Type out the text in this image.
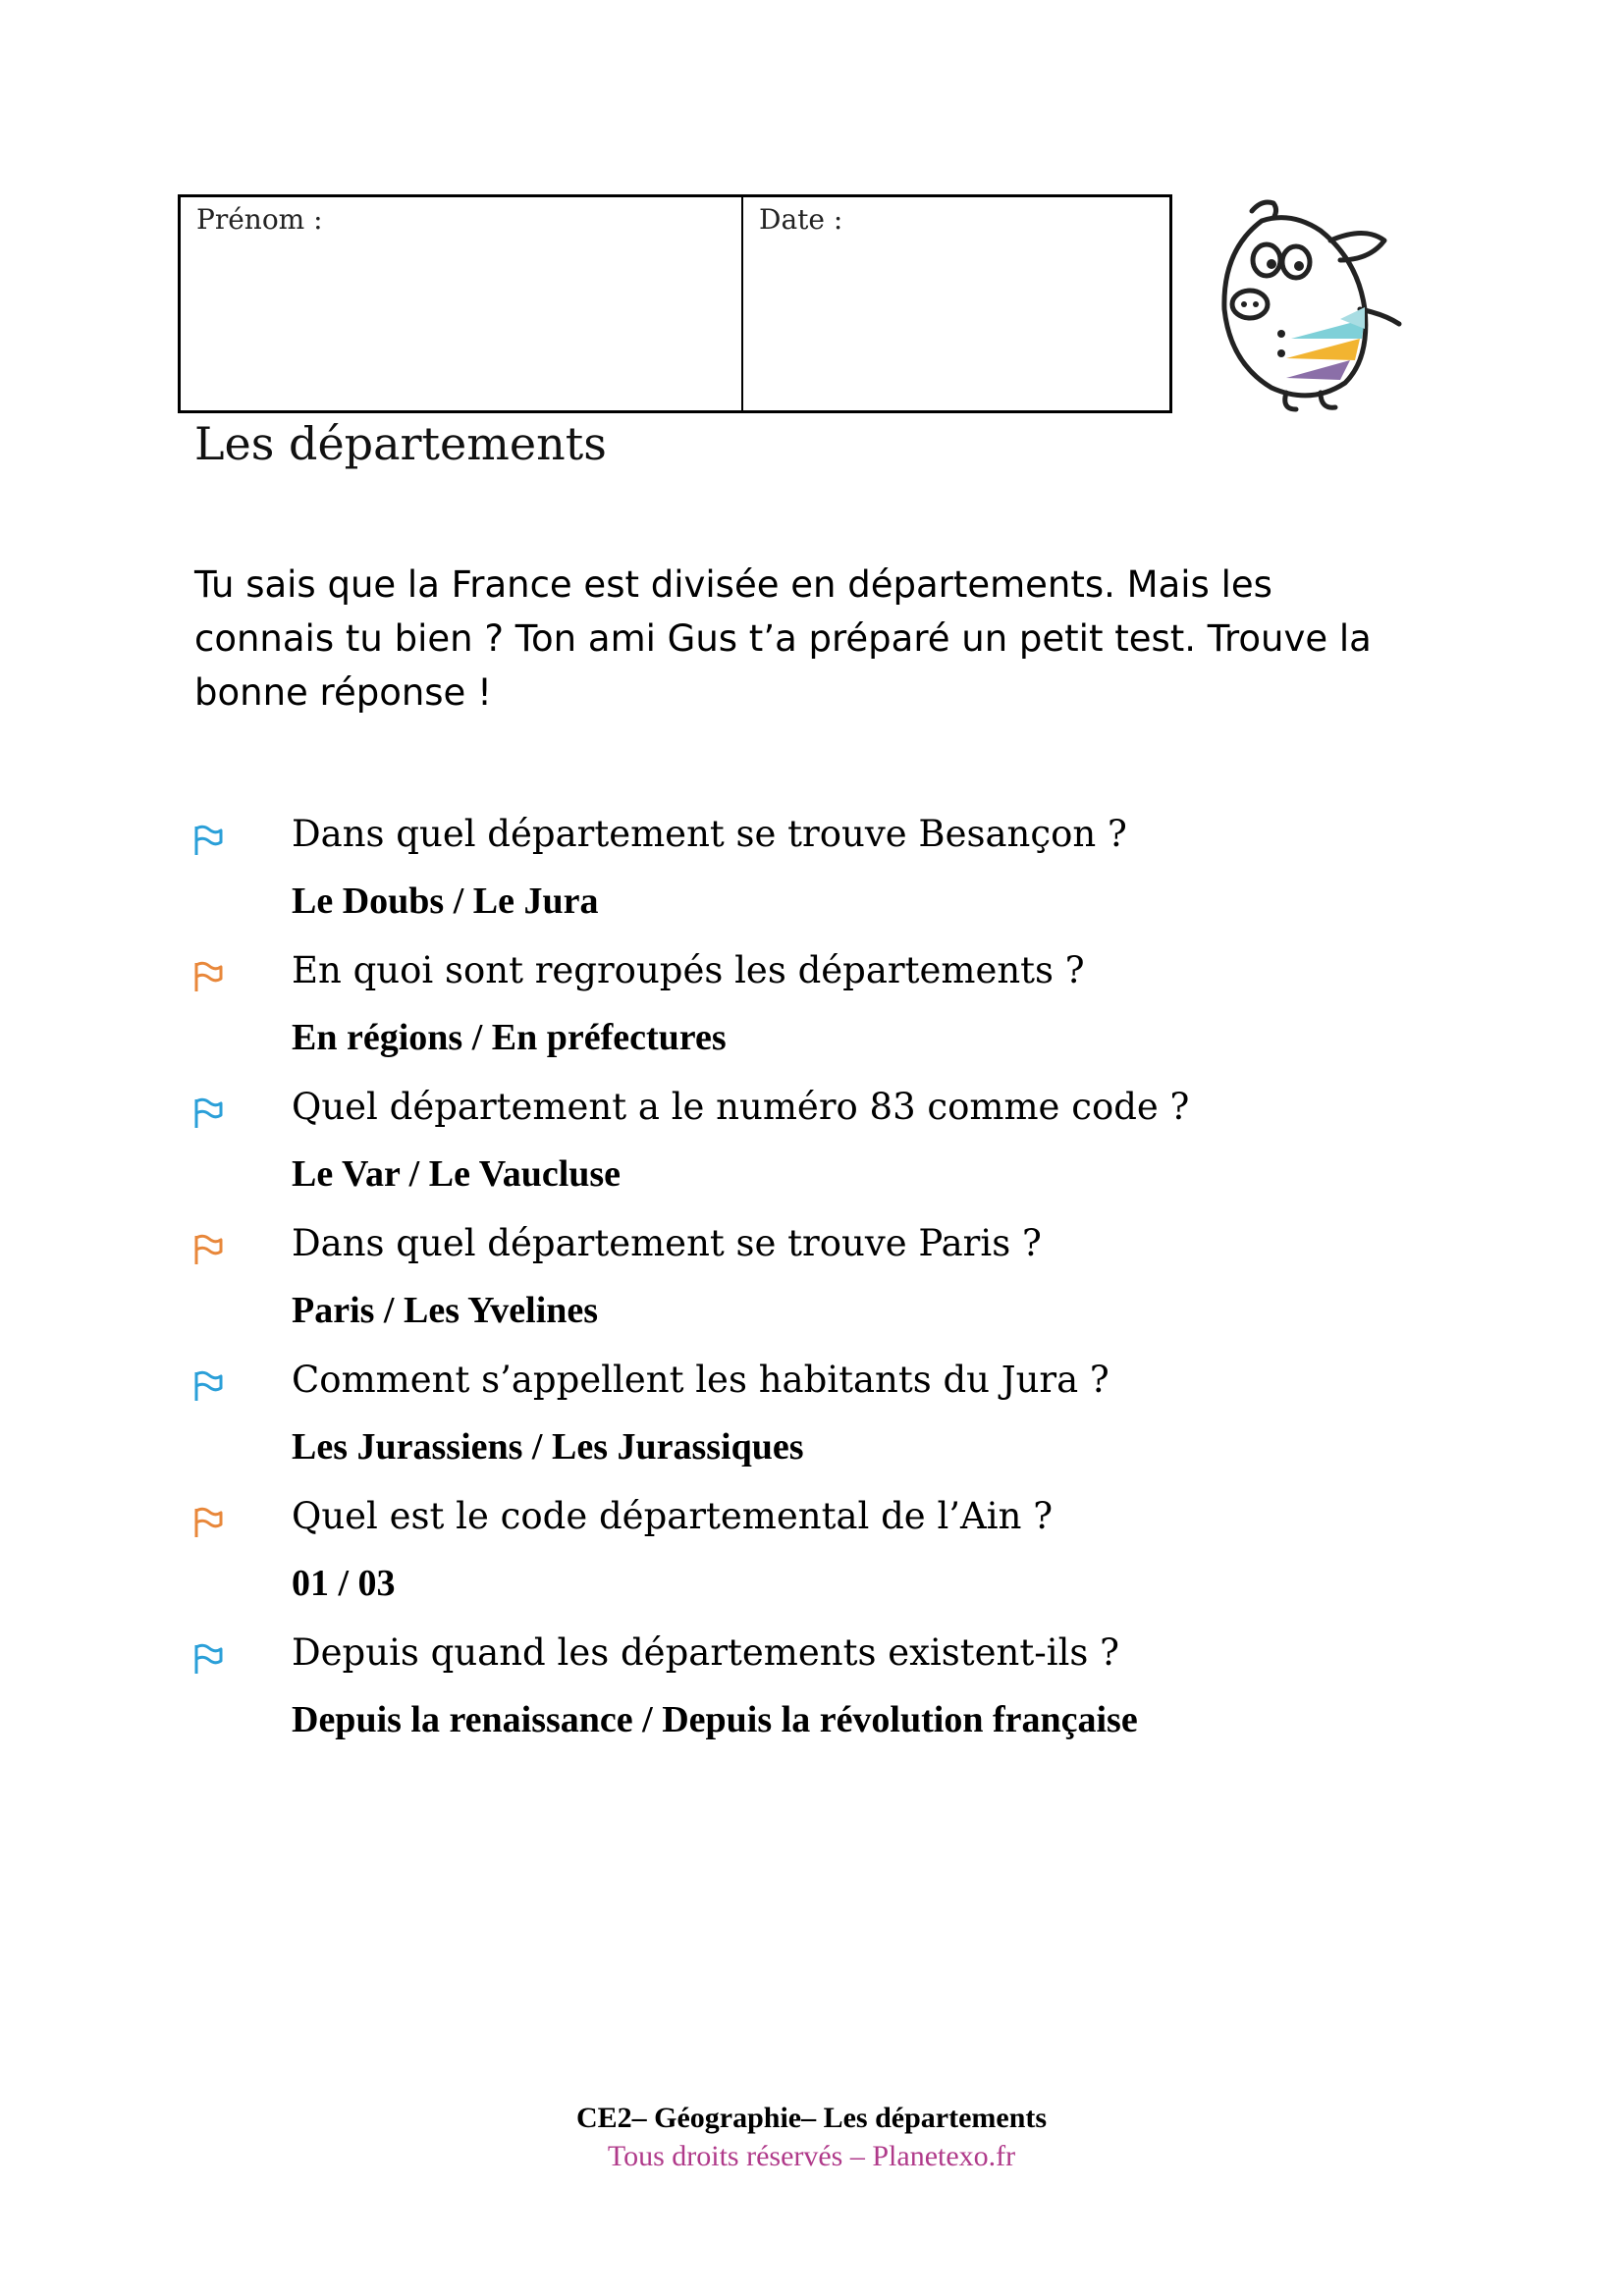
Prénom :	Date :
Les départements

Tu sais que la France est divisée en départements. Mais les connais tu bien ? Ton ami Gus t’a préparé un petit test. Trouve la bonne réponse !

Dans quel département se trouve Besançon ?
Le Doubs / Le Jura
En quoi sont regroupés les départements ?
En régions / En préfectures
Quel département a le numéro 83 comme code ?
Le Var / Le Vaucluse
Dans quel département se trouve Paris ?
Paris / Les Yvelines
Comment s’appellent les habitants du Jura ?
Les Jurassiens / Les Jurassiques
Quel est le code départemental de l’Ain ?
01 / 03
Depuis quand les départements existent-ils ?
Depuis la renaissance / Depuis la révolution française
CE2– Géographie– Les départements
Tous droits réservés – Planetexo.fr
